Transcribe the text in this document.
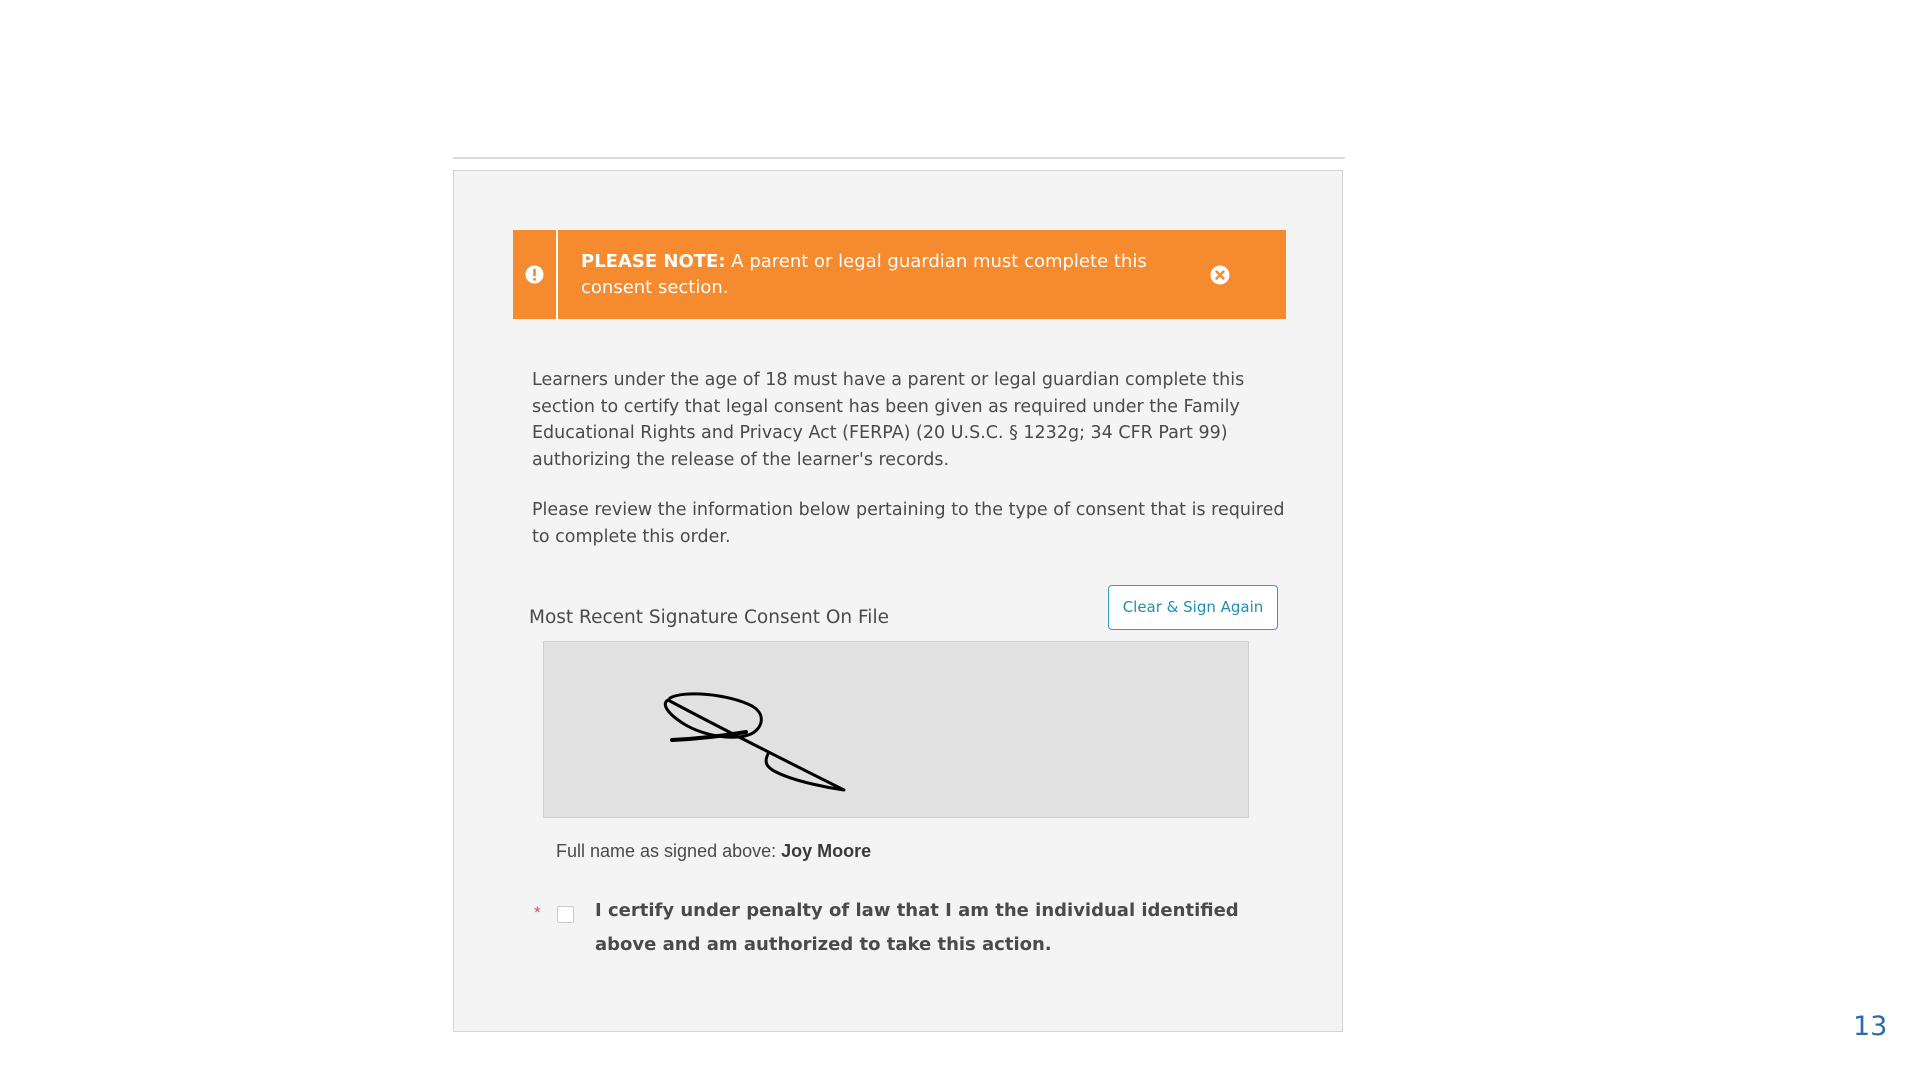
PLEASE NOTE: A parent or legal guardian must complete this consent section.

Learners under the age of 18 must have a parent or legal guardian complete this section to certify that legal consent has been given as required under the Family Educational Rights and Privacy Act (FERPA) (20 U.S.C. § 1232g; 34 CFR Part 99) authorizing the release of the learner's records.

Please review the information below pertaining to the type of consent that is required to complete this order.

Most Recent Signature Consent On File	Clear & Sign Again
Full name as signed above: Joy Moore
*	I certify under penalty of law that I am the individual identified above and am authorized to take this action.
13
